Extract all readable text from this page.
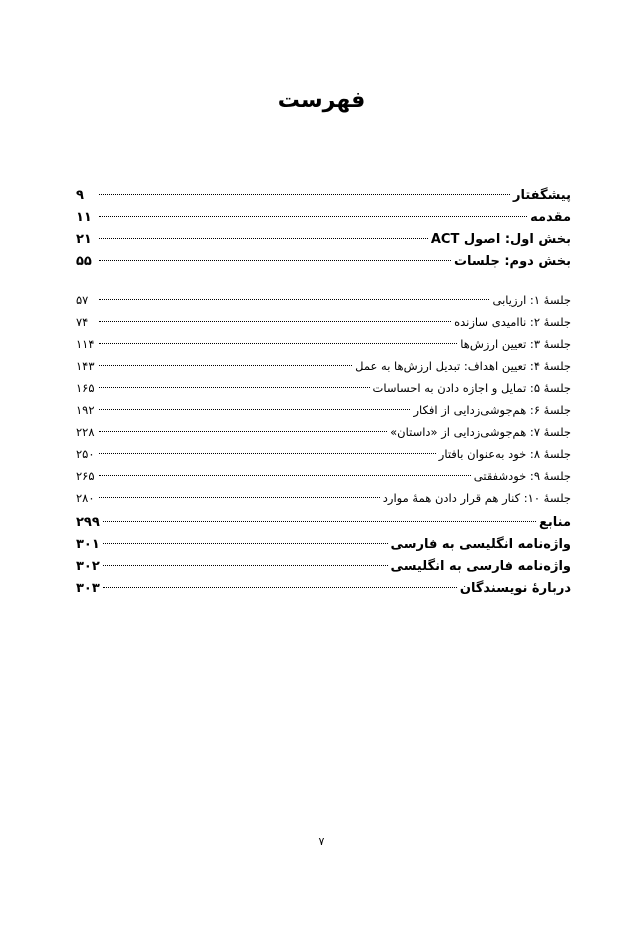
فهرست
پیشگفتار
۹
مقدمه
۱۱
بخش اول: اصول ACT
۲۱
بخش دوم: جلسات
۵۵
جلسهٔ ۱: ارزیابی
۵۷
جلسهٔ ۲: ناامیدی سازنده
۷۴
جلسهٔ ۳: تعیین ارزش‌ها
۱۱۴
جلسهٔ ۴: تعیین اهداف: تبدیل ارزش‌ها به عمل
۱۴۳
جلسهٔ ۵: تمایل و اجازه دادن به احساسات
۱۶۵
جلسهٔ ۶: هم‌جوشی‌زدایی از افکار
۱۹۲
جلسهٔ ۷: هم‌جوشی‌زدایی از «داستان»
۲۲۸
جلسهٔ ۸: خود به‌عنوان بافتار
۲۵۰
جلسهٔ ۹: خودشفقتی
۲۶۵
جلسهٔ ۱۰: کنار هم قرار دادن همهٔ موارد
۲۸۰
منابع
۲۹۹
واژه‌نامه انگلیسی به فارسی
۳۰۱
واژه‌نامه فارسی به انگلیسی
۳۰۲
دربارهٔ نویسندگان
۳۰۳
۷
